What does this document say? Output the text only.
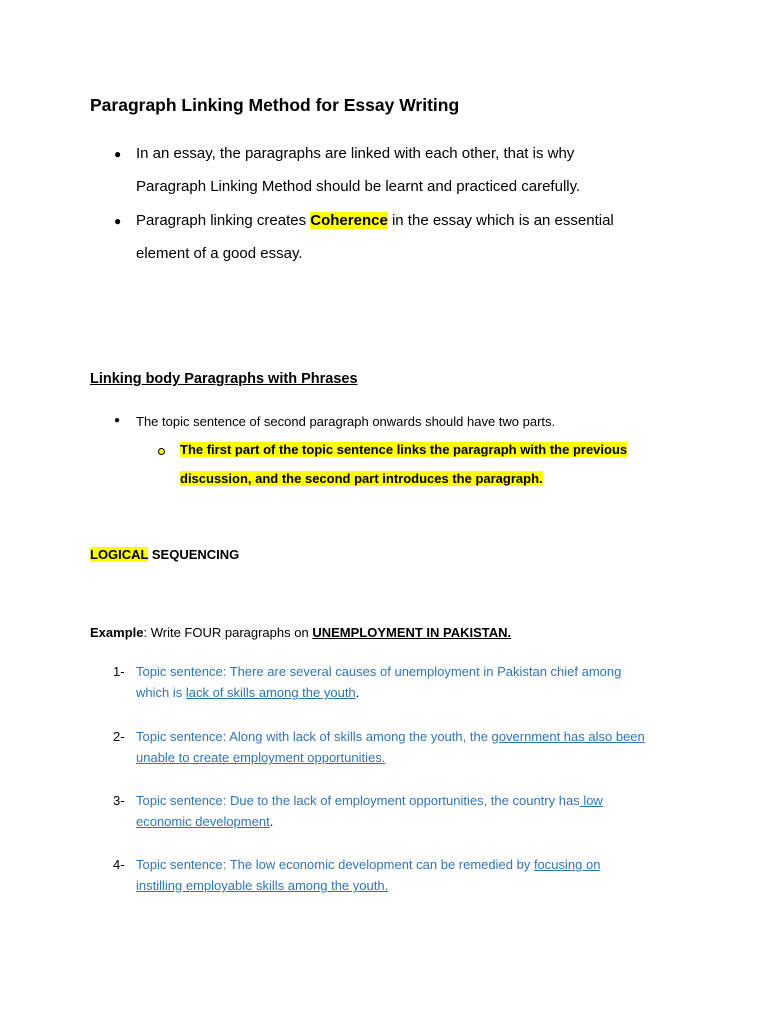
Paragraph Linking Method for Essay Writing
● In an essay, the paragraphs are linked with each other, that is why
Paragraph Linking Method should be learnt and practiced carefully.
● Paragraph linking creates Coherence in the essay which is an essential
element of a good essay.
Linking body Paragraphs with Phrases
● The topic sentence of second paragraph onwards should have two parts.
The first part of the topic sentence links the paragraph with the previous
discussion, and the second part introduces the paragraph.
LOGICAL SEQUENCING
Example: Write FOUR paragraphs on UNEMPLOYMENT IN PAKISTAN.
1- Topic sentence: There are several causes of unemployment in Pakistan chief among
which is lack of skills among the youth.
2- Topic sentence: Along with lack of skills among the youth, the government has also been
unable to create employment opportunities.
3- Topic sentence: Due to the lack of employment opportunities, the country has low
economic development.
4- Topic sentence: The low economic development can be remedied by focusing on
instilling employable skills among the youth.
